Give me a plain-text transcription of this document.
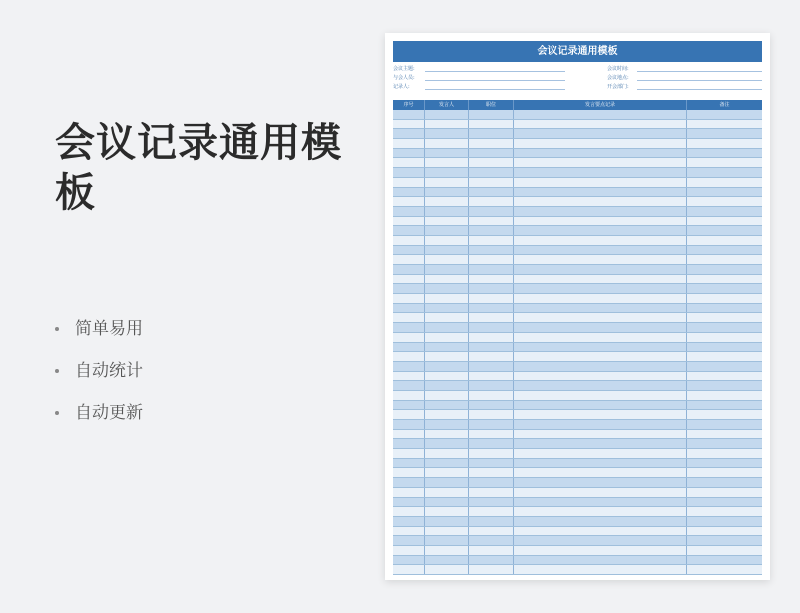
会议记录通用模板
简单易用
自动统计
自动更新
会议记录通用模板
会议主题:
与会人员:
记录人:
会议时间:
会议地点:
开会部门:
序号	发言人	职位	发言要点记录	备注
